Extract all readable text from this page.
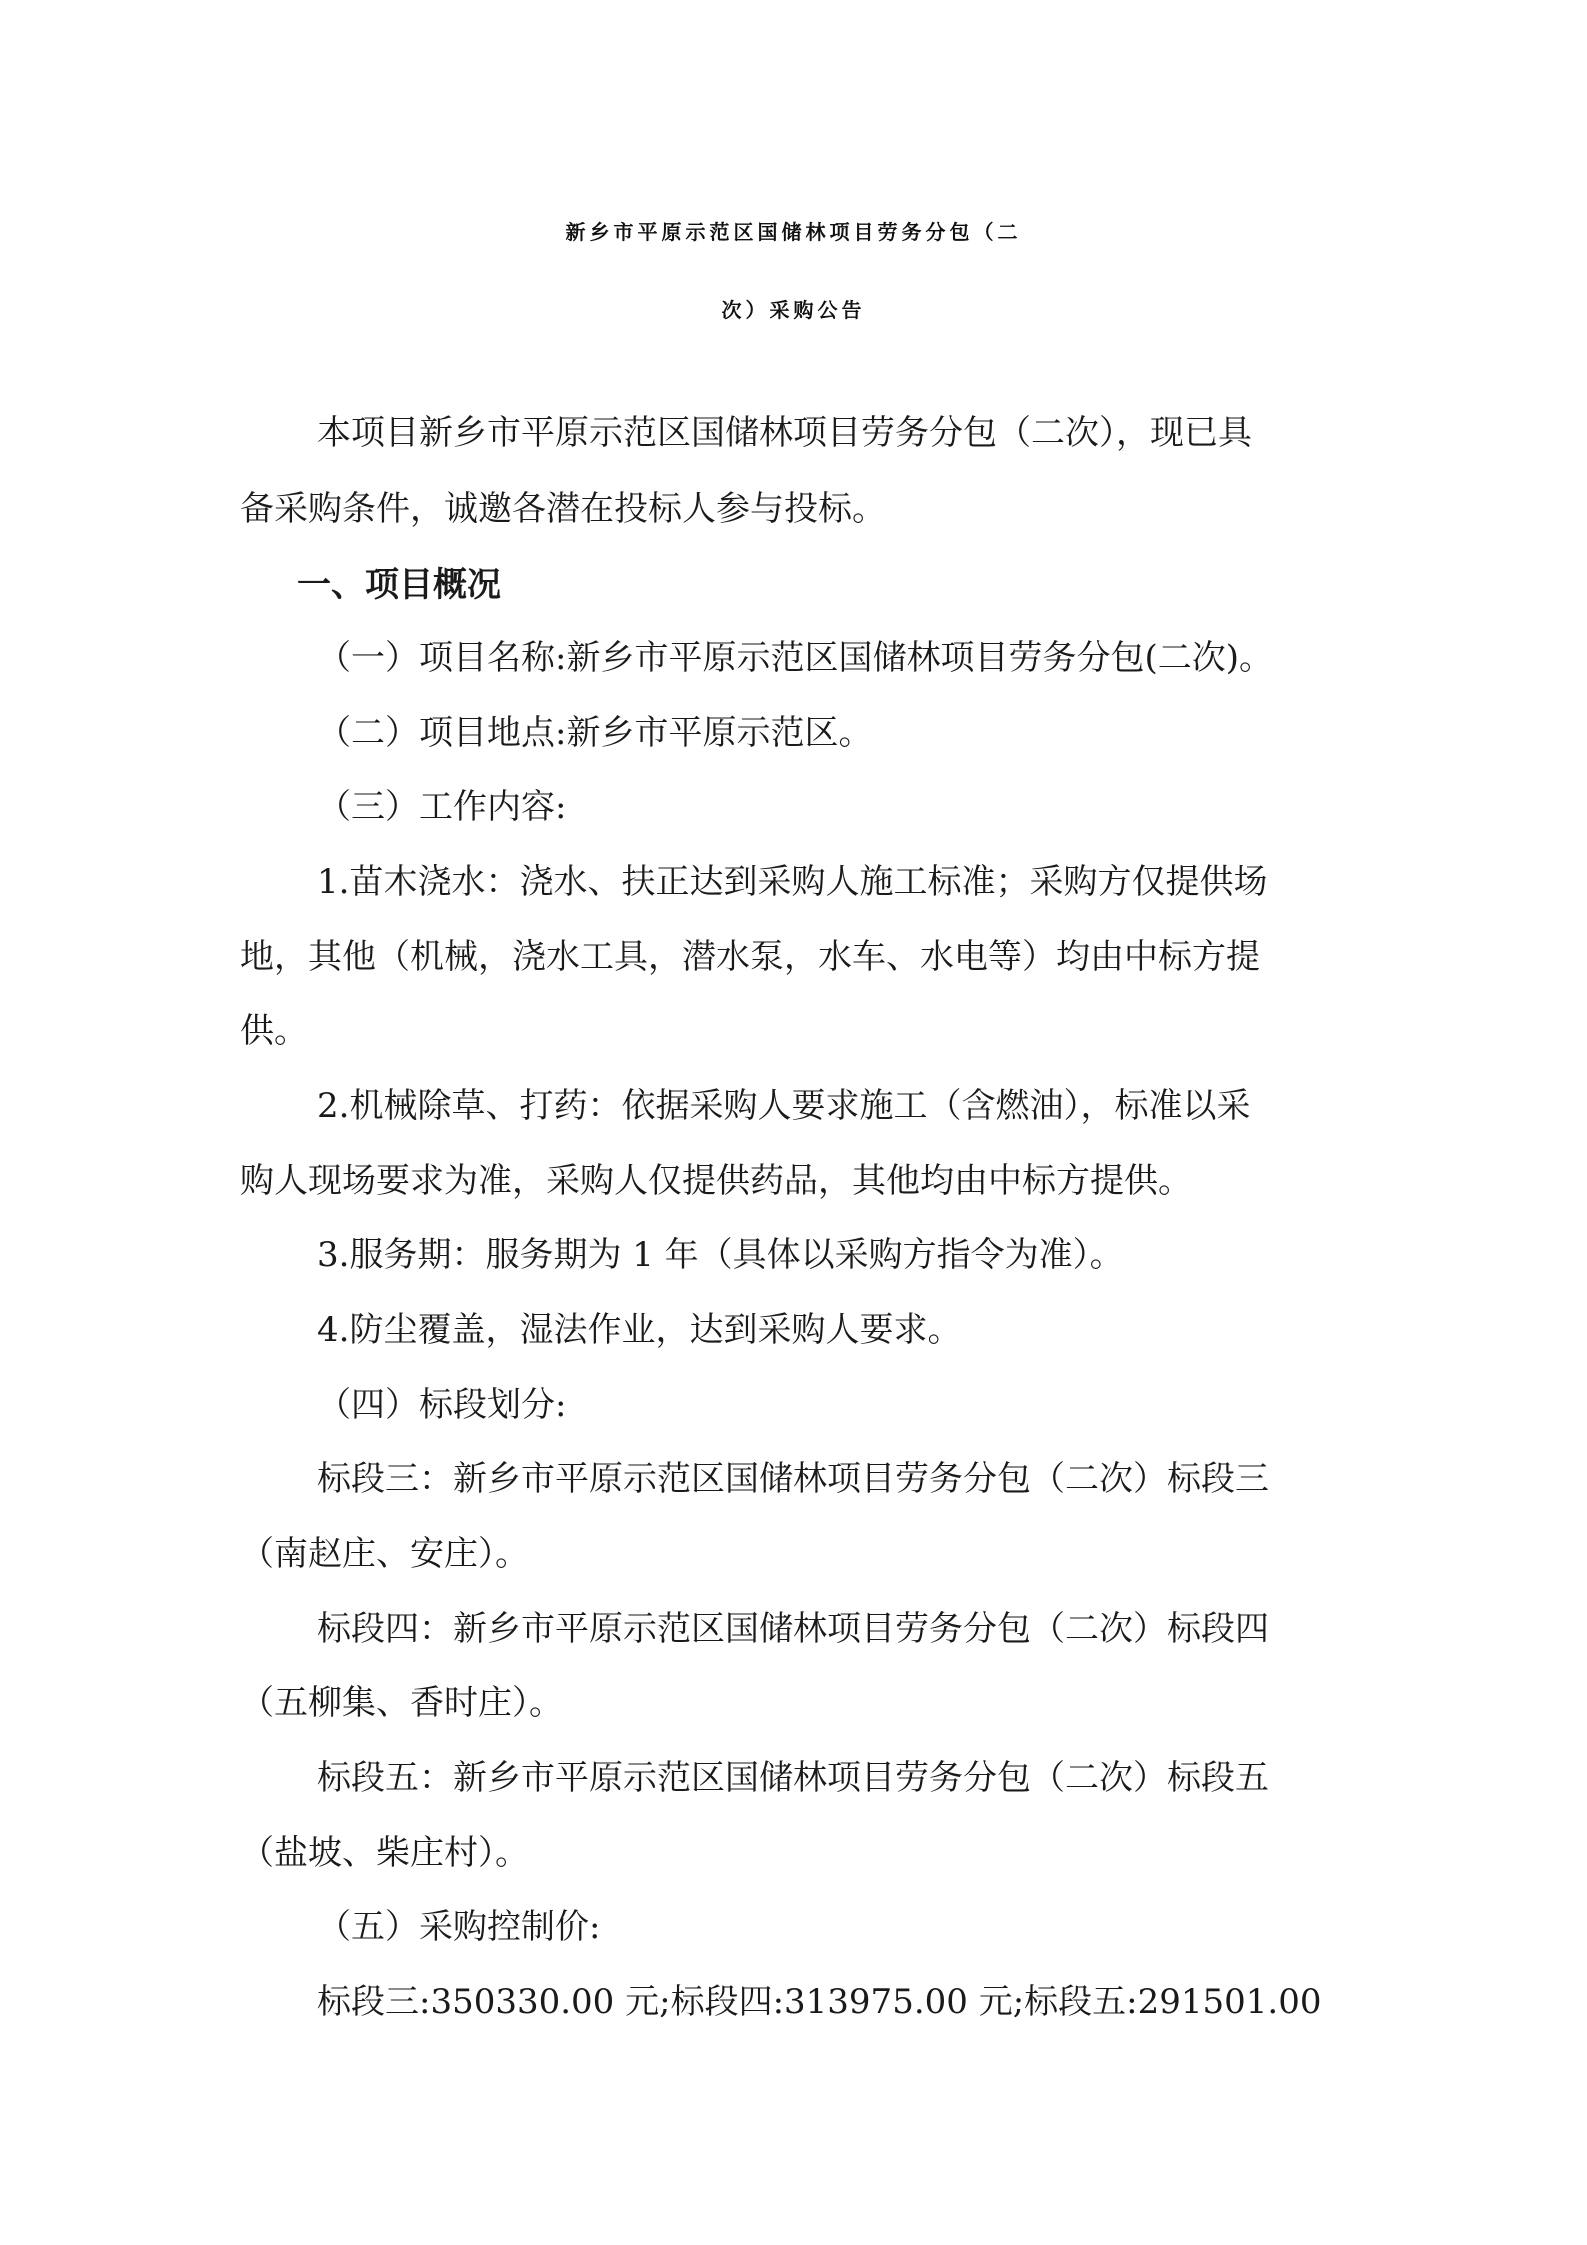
新乡市平原示范区国储林项目劳务分包（二
次）采购公告
本项目新乡市平原示范区国储林项目劳务分包（二次），现已具
备采购条件，诚邀各潜在投标人参与投标。
一、项目概况
（一）项目名称:新乡市平原示范区国储林项目劳务分包(二次)。
（二）项目地点:新乡市平原示范区。
（三）工作内容:
1.苗木浇水：浇水、扶正达到采购人施工标准；采购方仅提供场
地，其他（机械，浇水工具，潜水泵，水车、水电等）均由中标方提
供。
2.机械除草、打药：依据采购人要求施工（含燃油），标准以采
购人现场要求为准，采购人仅提供药品，其他均由中标方提供。
3.服务期：服务期为 1 年（具体以采购方指令为准）。
4.防尘覆盖，湿法作业，达到采购人要求。
（四）标段划分:
标段三：新乡市平原示范区国储林项目劳务分包（二次）标段三
（南赵庄、安庄）。
标段四：新乡市平原示范区国储林项目劳务分包（二次）标段四
（五柳集、香时庄）。
标段五：新乡市平原示范区国储林项目劳务分包（二次）标段五
（盐坡、柴庄村）。
（五）采购控制价:
标段三:350330.00 元;标段四:313975.00 元;标段五:291501.00
